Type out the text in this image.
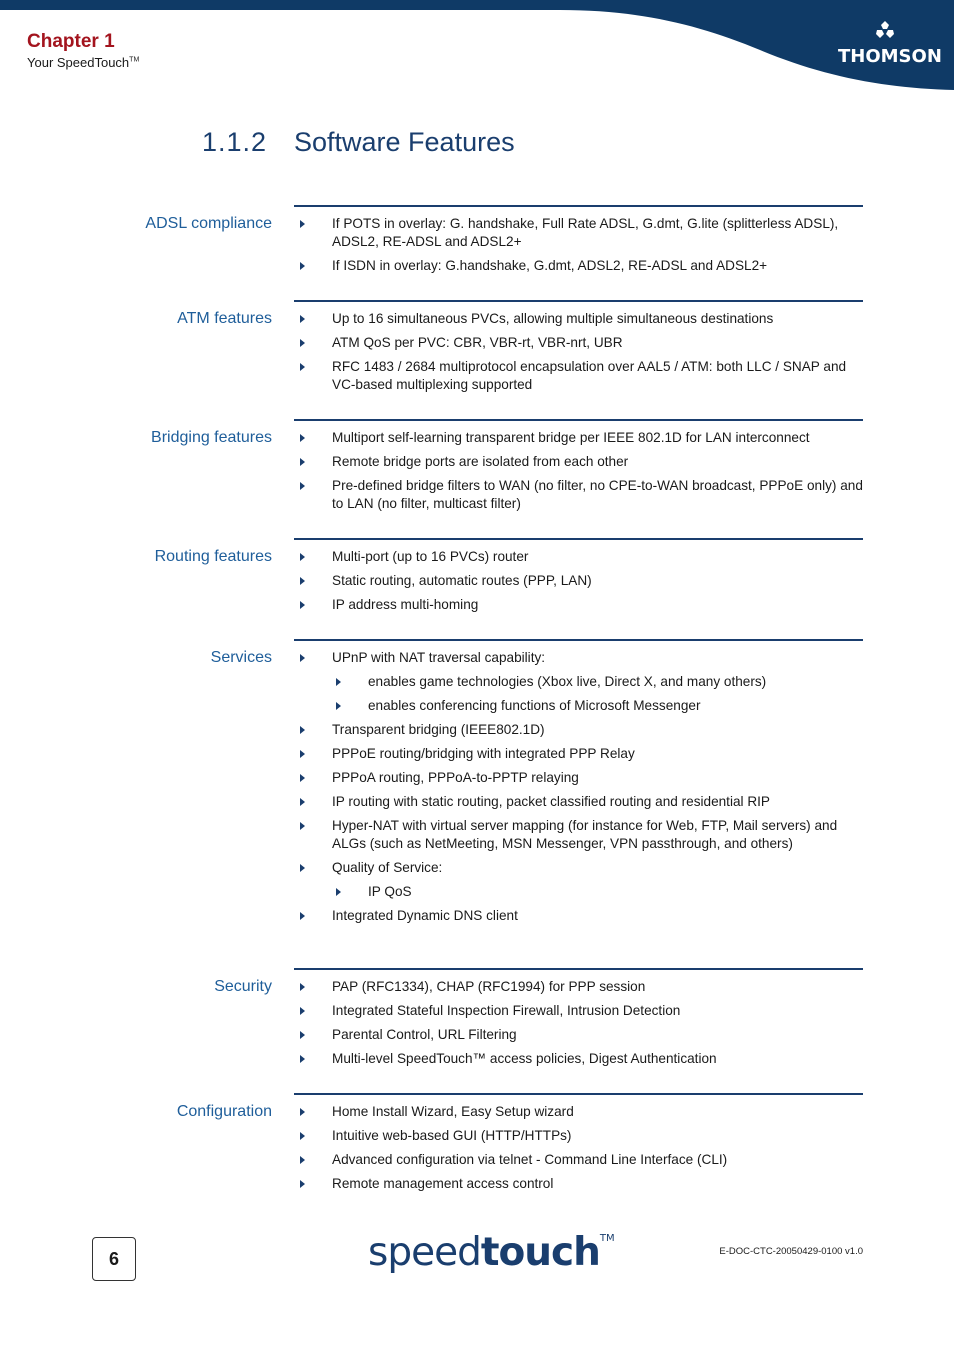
Chapter 1
Your SpeedTouch™	THOMSON
1.1.2 Software Features
ADSL compliance	If POTS in overlay: G. handshake, Full Rate ADSL, G.dmt, G.lite (splitterless ADSL), ADSL2, RE-ADSL and ADSL2+
If ISDN in overlay: G.handshake, G.dmt, ADSL2, RE-ADSL and ADSL2+
ATM features	Up to 16 simultaneous PVCs, allowing multiple simultaneous destinations
ATM QoS per PVC: CBR, VBR-rt, VBR-nrt, UBR
RFC 1483 / 2684 multiprotocol encapsulation over AAL5 / ATM: both LLC / SNAP and VC-based multiplexing supported
Bridging features	Multiport self-learning transparent bridge per IEEE 802.1D for LAN interconnect
Remote bridge ports are isolated from each other
Pre-defined bridge filters to WAN (no filter, no CPE-to-WAN broadcast, PPPoE only) and to LAN (no filter, multicast filter)
Routing features	Multi-port (up to 16 PVCs) router
Static routing, automatic routes (PPP, LAN)
IP address multi-homing
Services	UPnP with NAT traversal capability:
enables game technologies (Xbox live, Direct X, and many others)
enables conferencing functions of Microsoft Messenger
Transparent bridging (IEEE802.1D)
PPPoE routing/bridging with integrated PPP Relay
PPPoA routing, PPPoA-to-PPTP relaying
IP routing with static routing, packet classified routing and residential RIP
Hyper-NAT with virtual server mapping (for instance for Web, FTP, Mail servers) and ALGs (such as NetMeeting, MSN Messenger, VPN passthrough, and others)
Quality of Service:
IP QoS
Integrated Dynamic DNS client
Security	PAP (RFC1334), CHAP (RFC1994) for PPP session
Integrated Stateful Inspection Firewall, Intrusion Detection
Parental Control, URL Filtering
Multi-level SpeedTouch™ access policies, Digest Authentication
Configuration	Home Install Wizard, Easy Setup wizard
Intuitive web-based GUI (HTTP/HTTPs)
Advanced configuration via telnet - Command Line Interface (CLI)
Remote management access control
6	speedtouch™
E-DOC-CTC-20050429-0100 v1.0
